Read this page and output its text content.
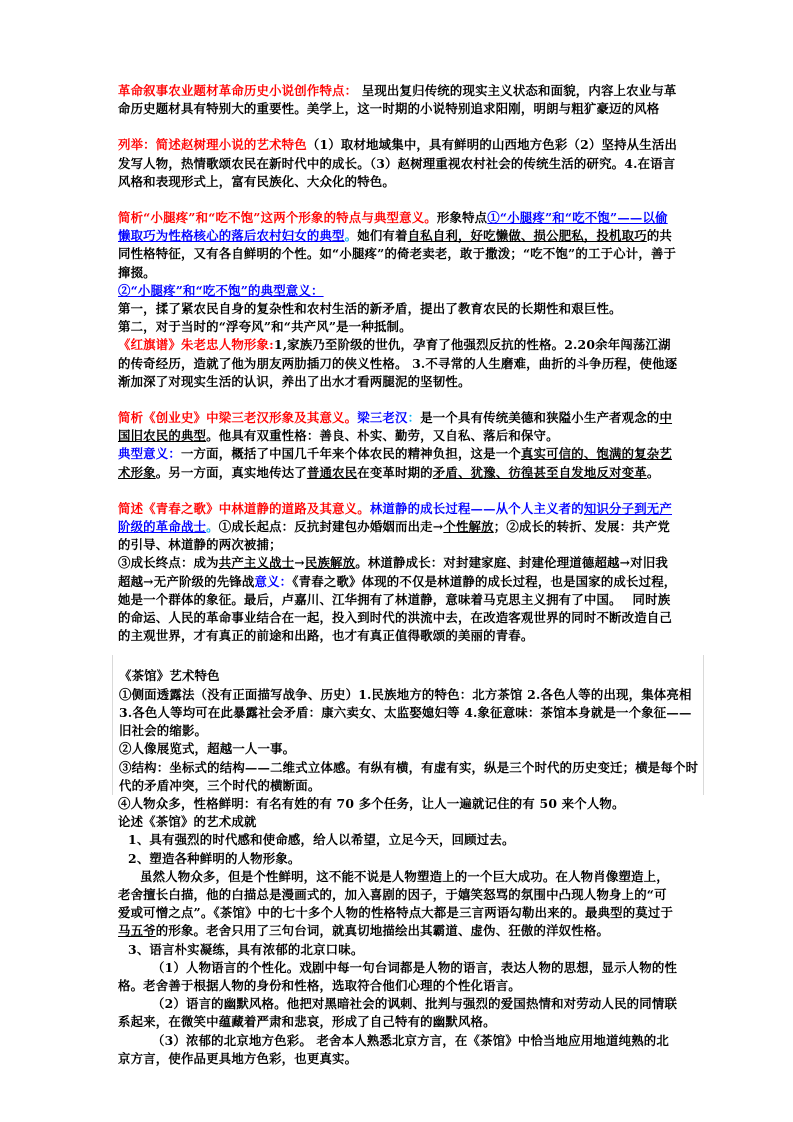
革命叙事农业题材革命历史小说创作特点： 呈现出复归传统的现实主义状态和面貌，内容上农业与革命历史题材具有特别大的重要性。美学上，这一时期的小说特别追求阳刚，明朗与粗犷豪迈的风格

列举：简述赵树理小说的艺术特色（1）取材地域集中，具有鲜明的山西地方色彩（2）坚持从生活出发写人物，热情歌颂农民在新时代中的成长。（3）赵树理重视农村社会的传统生活的研究。4.在语言风格和表现形式上，富有民族化、大众化的特色。

简析“小腿疼”和“吃不饱”这两个形象的特点与典型意义。形象特点①“小腿疼”和“吃不饱”——以偷懒取巧为性格核心的落后农村妇女的典型。她们有着自私自利，好吃懒做、损公肥私，投机取巧的共同性格特征，又有各自鲜明的个性。如“小腿疼”的倚老卖老，敢于撒泼；“吃不饱”的工于心计，善于撺掇。

②“小腿疼”和“吃不饱”的典型意义：

第一，揉了紧农民自身的复杂性和农村生活的新矛盾，提出了教育农民的长期性和艰巨性。

第二，对于当时的“浮夸风”和“共产风”是一种抵制。

《红旗谱》朱老忠人物形象:1,家族乃至阶级的世仇，孕育了他强烈反抗的性格。2.20余年闯荡江湖的传奇经历，造就了他为朋友两肋插刀的侠义性格。 3.不寻常的人生磨难，曲折的斗争历程，使他逐渐加深了对现实生活的认识，养出了出水才看两腿泥的坚韧性。

简析《创业史》中梁三老汉形象及其意义。梁三老汉：是一个具有传统美德和狭隘小生产者观念的中国旧农民的典型。他具有双重性格：善良、朴实、勤劳，又自私、落后和保守。
典型意义：一方面，概括了中国几千年来个体农民的精神负担，这是一个真实可信的、饱满的复杂艺术形象。另一方面，真实地传达了普通农民在变革时期的矛盾、犹豫、彷徨甚至自发地反对变革。

简述《青春之歌》中林道静的道路及其意义。林道静的成长过程——从个人主义者的知识分子到无产阶级的革命战士。①成长起点：反抗封建包办婚姻而出走→个性解放；②成长的转折、发展：共产党的引导、林道静的两次被捕；
③成长终点：成为共产主义战士→民族解放。林道静成长：对封建家庭、封建伦理道德超越→对旧我超越→无产阶级的先锋战意义：《青春之歌》体现的不仅是林道静的成长过程，也是国家的成长过程，她是一个群体的象征。最后，卢嘉川、江华拥有了林道静，意味着马克思主义拥有了中国。　 同时族的命运、人民的革命事业结合在一起，投入到时代的洪流中去，在改造客观世界的同时不断改造自己的主观世界，才有真正的前途和出路，也才有真正值得歌颂的美丽的青春。

《茶馆》艺术特色

①侧面透露法（没有正面描写战争、历史）1.民族地方的特色：北方茶馆 2.各色人等的出现，集体亮相 3.各色人等均可在此暴露社会矛盾：康六卖女、太监娶媳妇等 4.象征意味：茶馆本身就是一个象征——旧社会的缩影。

②人像展览式，超越一人一事。

③结构：坐标式的结构——二维式立体感。有纵有横，有虚有实，纵是三个时代的历史变迁；横是每个时代的矛盾冲突，三个时代的横断面。

④人物众多，性格鲜明：有名有姓的有 70 多个任务，让人一遍就记住的有 50 来个人物。

论述《茶馆》的艺术成就

1、具有强烈的时代感和使命感，给人以希望，立足今天，回顾过去。

2、塑造各种鲜明的人物形象。

虽然人物众多，但是个性鲜明，这不能不说是人物塑造上的一个巨大成功。在人物肖像塑造上，老舍擅长白描，他的白描总是漫画式的，加入喜剧的因子，于嬉笑怒骂的氛围中凸现人物身上的“可爱或可憎之点”。《茶馆》中的七十多个人物的性格特点大都是三言两语勾勒出来的。最典型的莫过于马五爷的形象。老舍只用了三句台词，就真切地描绘出其霸道、虚伪、狂傲的洋奴性格。

3、语言朴实凝练，具有浓郁的北京口味。

（1）人物语言的个性化。戏剧中每一句台词都是人物的语言，表达人物的思想，显示人物的性格。老舍善于根据人物的身份和性格，选取符合他们心理的个性化语言。

（2）语言的幽默风格。他把对黑暗社会的讽刺、批判与强烈的爱国热情和对劳动人民的同情联系起来，在微笑中蕴藏着严肃和悲哀，形成了自己特有的幽默风格。

（3）浓郁的北京地方色彩。 老舍本人熟悉北京方言，在《茶馆》中恰当地应用地道纯熟的北京方言，使作品更具地方色彩，也更真实。
